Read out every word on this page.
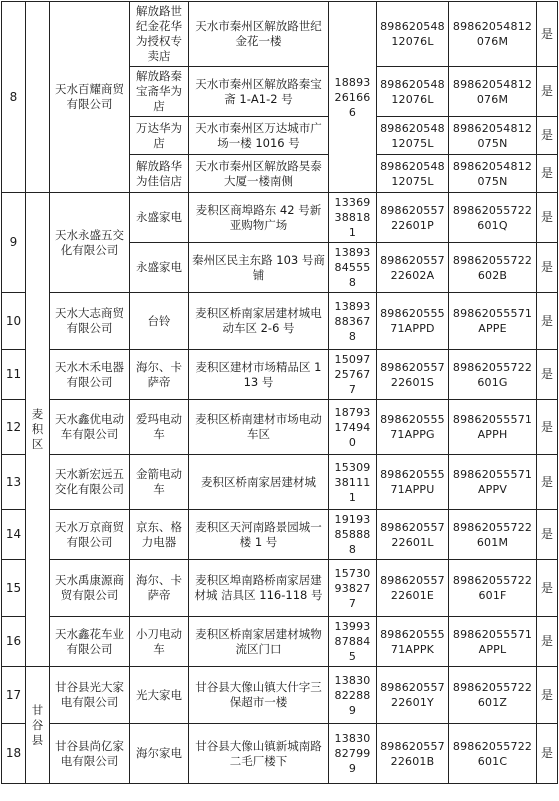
8		天水百耀商贸有限公司	解放路世纪金花华为授权专卖店	天水市秦州区解放路世纪金花一楼	18893261666	89862054812076L	89862054812076M	是
			解放路秦宝斋华为店	天水市秦州区解放路秦宝斋 1-A1-2 号		89862054812076L	89862054812076M	是
			万达华为店	天水市秦州区万达城市广场一楼 1016 号		89862054812075L	89862054812075N	是
			解放路华为佳信店	天水市秦州区解放路昊泰大厦一楼南侧		89862054812075L	89862054812075N	是
9	麦积区	天水永盛五交化有限公司	永盛家电	麦积区商埠路东 42 号新亚购物广场	13369388181	89862055722601P	89862055722601Q	是
			永盛家电	秦州区民主东路 103 号商铺	13893845558	89862055722602A	89862055722602B	是
10		天水大志商贸有限公司	台铃	麦积区桥南家居建材城电动车区 2-6 号	13893883678	89862055571APPD	89862055571APPE	是
11		天水木禾电器有限公司	海尔、卡萨帝	麦积区建材市场精品区 113 号	15097257677	89862055722601S	89862055722601G	是
12		天水鑫优电动车有限公司	爱玛电动车	麦积区桥南建材市场电动车区	18793174940	89862055571APPG	89862055571APPH	是
13		天水新宏远五交化有限公司	金箭电动车	麦积区桥南家居建材城	15309381111	89862055571APPU	89862055571APPV	是
14		天水万京商贸有限公司	京东、格力电器	麦积区天河南路景园城一楼 1 号	19193858888	89862055722601L	89862055722601M	是
15		天水禹康源商贸有限公司	海尔、卡萨帝	麦积区埠南路桥南家居建材城 洁具区 116-118 号	15730938277	89862055722601E	89862055722601F	是
16		天水鑫花车业有限公司	小刀电动车	麦积区桥南家居建材城物流区门口	13993878845	89862055571APPK	89862055571APPL	是
17	甘谷县	甘谷县光大家电有限公司	光大家电	甘谷县大像山镇大什字三保超市一楼	13830822889	89862055722601Y	89862055722601Z	是
18		甘谷县尚亿家电有限公司	海尔家电	甘谷县大像山镇新城南路二毛厂楼下	13830827999	89862055722601B	89862055722601C	是
